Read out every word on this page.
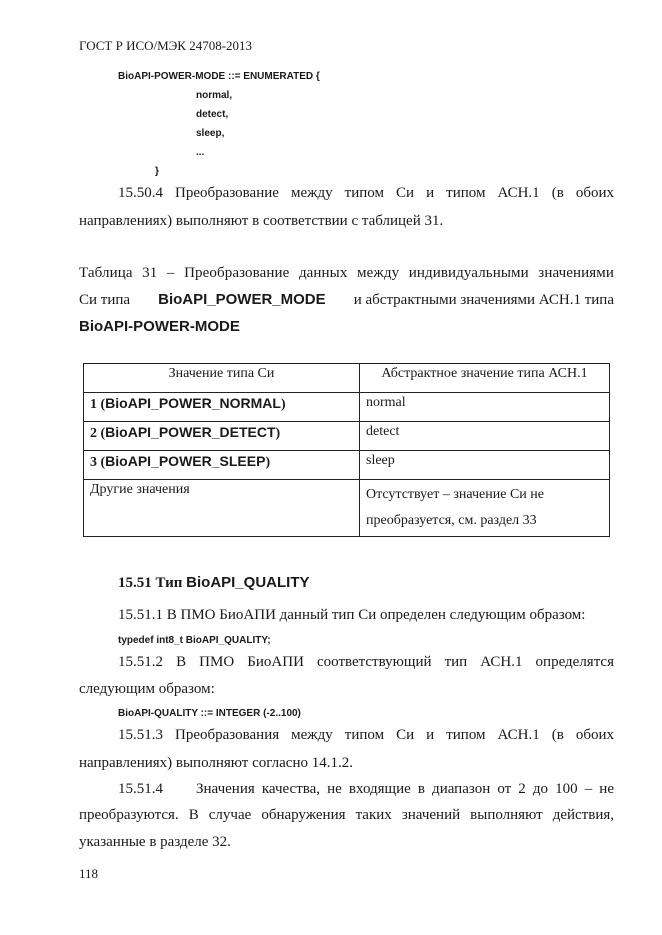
ГОСТ Р ИСО/МЭК 24708-2013
BioAPI-POWER-MODE ::= ENUMERATED {
normal,
detect,
sleep,
...
}
15.50.4 Преобразование между типом Си и типом АСН.1 (в обоих
направлениях) выполняют в соответствии с таблицей 31.
Таблица 31 – Преобразование данных между индивидуальными значениями
Си типа BioAPI_POWER_MODE и абстрактными значениями АСН.1 типа
BioAPI-POWER-MODE
Значение типа Си	Абстрактное значение типа АСН.1
1 (BioAPI_POWER_NORMAL)	normal
2 (BioAPI_POWER_DETECT)	detect
3 (BioAPI_POWER_SLEEP)	sleep
Другие значения	Отсутствует – значение Си не
преобразуется, см. раздел 33
15.51 Тип BioAPI_QUALITY
15.51.1 В ПМО БиоАПИ данный тип Си определен следующим образом:
typedef int8_t BioAPI_QUALITY;
15.51.2 В ПМО БиоАПИ соответствующий тип АСН.1 определятся
следующим образом:
BioAPI-QUALITY ::= INTEGER (-2..100)
15.51.3 Преобразования между типом Си и типом АСН.1 (в обоих
направлениях) выполняют согласно 14.1.2.
15.51.4 Значения качества, не входящие в диапазон от 2 до 100 – не
преобразуются. В случае обнаружения таких значений выполняют действия,
указанные в разделе 32.
118
